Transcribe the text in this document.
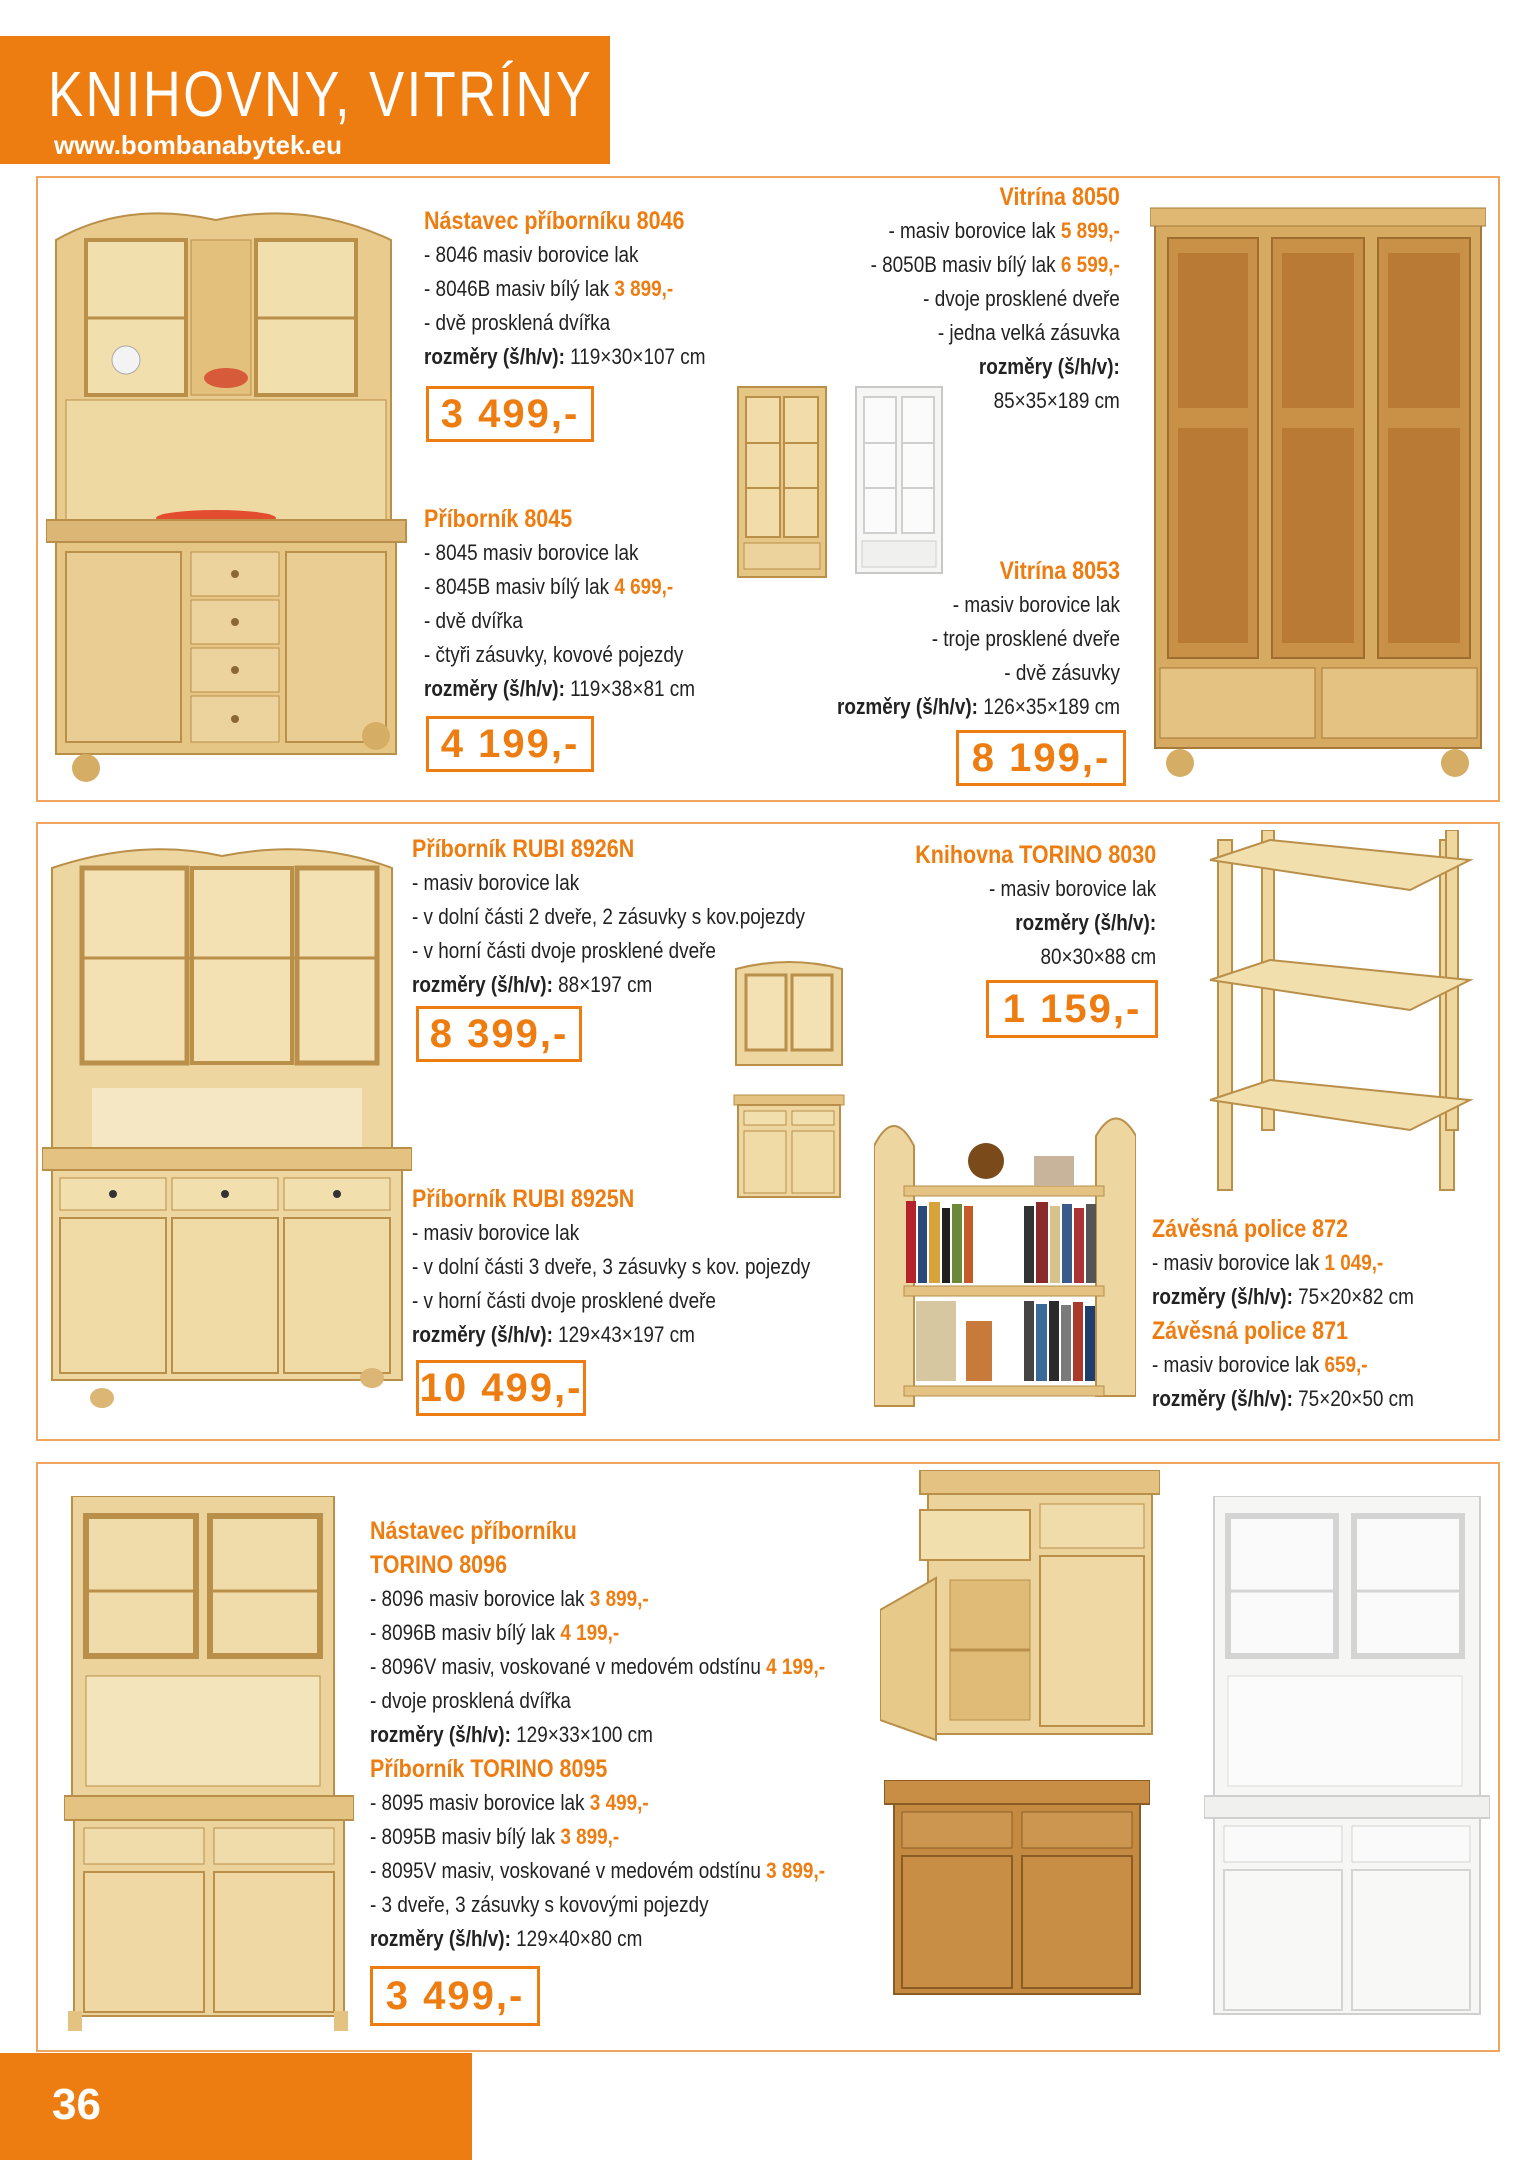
KNIHOVNY, VITRÍNY
www.bombanabytek.eu
Nástavec příborníku 8046
- 8046 masiv borovice lak
- 8046B masiv bílý lak 3 899,-
- dvě prosklená dvířka
rozměry (š/h/v): 119×30×107 cm
3 499,-
Příborník 8045
- 8045 masiv borovice lak
- 8045B masiv bílý lak 4 699,-
- dvě dvířka
- čtyři zásuvky, kovové pojezdy
rozměry (š/h/v): 119×38×81 cm
4 199,-
Vitrína 8050
- masiv borovice lak 5 899,-
- 8050B masiv bílý lak 6 599,-
- dvoje prosklené dveře
- jedna velká zásuvka
rozměry (š/h/v):
85×35×189 cm
Vitrína 8053
- masiv borovice lak
- troje prosklené dveře
- dvě zásuvky
rozměry (š/h/v): 126×35×189 cm
8 199,-
Příborník RUBI 8926N
- masiv borovice lak
- v dolní části 2 dveře, 2 zásuvky s kov.pojezdy
- v horní části dvoje prosklené dveře
rozměry (š/h/v): 88×197 cm
8 399,-
Příborník RUBI 8925N
- masiv borovice lak
- v dolní části 3 dveře, 3 zásuvky s kov. pojezdy
- v horní části dvoje prosklené dveře
rozměry (š/h/v): 129×43×197 cm
10 499,-
Knihovna TORINO 8030
- masiv borovice lak
rozměry (š/h/v):
80×30×88 cm
1 159,-
Závěsná police 872
- masiv borovice lak 1 049,-
rozměry (š/h/v): 75×20×82 cm
Závěsná police 871
- masiv borovice lak 659,-
rozměry (š/h/v): 75×20×50 cm
Nástavec příborníku
TORINO 8096
- 8096 masiv borovice lak 3 899,-
- 8096B masiv bílý lak 4 199,-
- 8096V masiv, voskované v medovém odstínu 4 199,-
- dvoje prosklená dvířka
rozměry (š/h/v): 129×33×100 cm
Příborník TORINO 8095
- 8095 masiv borovice lak 3 499,-
- 8095B masiv bílý lak 3 899,-
- 8095V masiv, voskované v medovém odstínu 3 899,-
- 3 dveře, 3 zásuvky s kovovými pojezdy
rozměry (š/h/v): 129×40×80 cm
3 499,-
36
